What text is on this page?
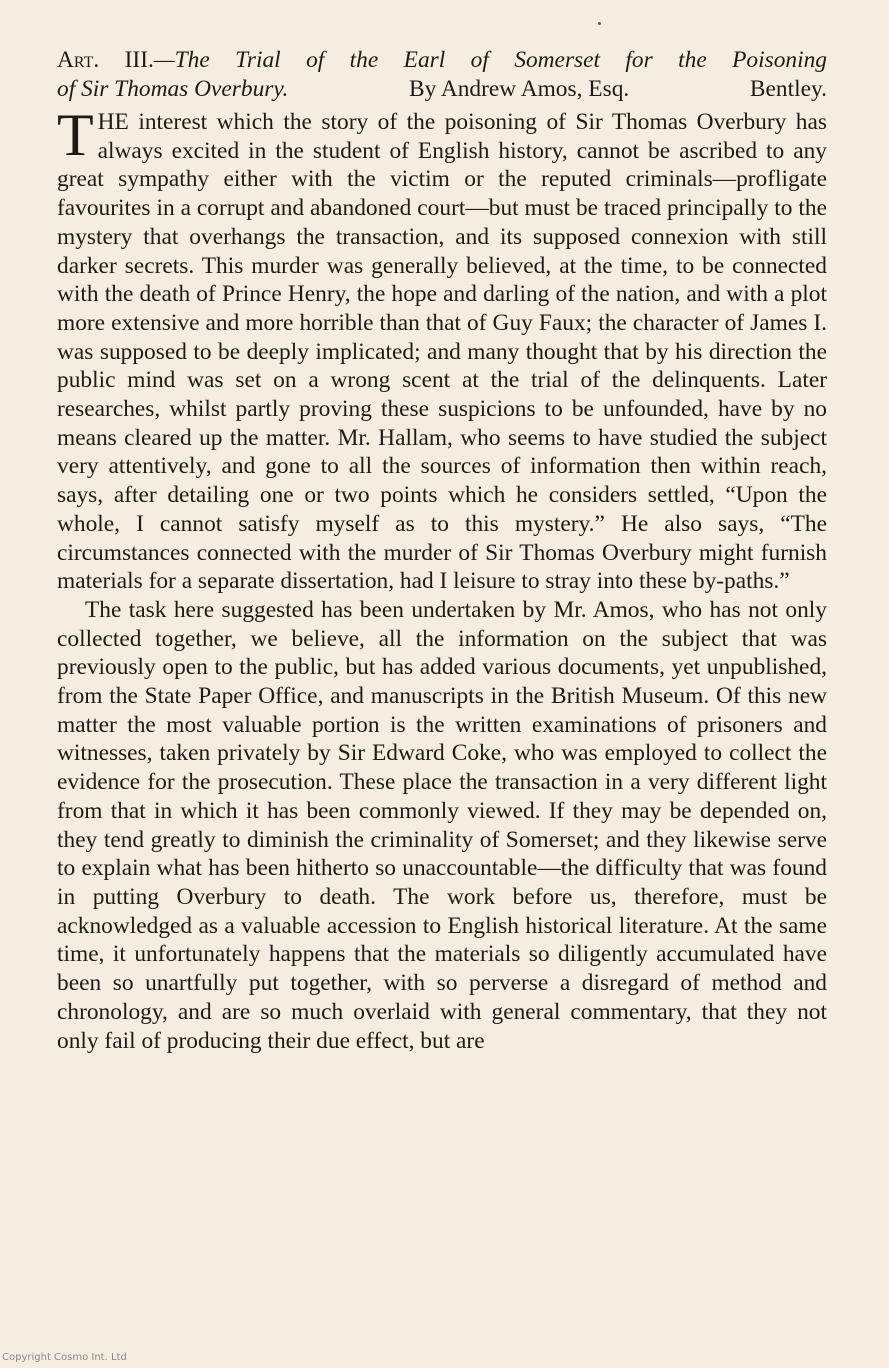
Art. III.—The Trial of the Earl of Somerset for the Poisoning

of Sir Thomas Overbury.	By Andrew Amos, Esq.	Bentley.

THE interest which the story of the poisoning of Sir Thomas Overbury has always excited in the student of English history, cannot be ascribed to any great sympathy either with the victim or the reputed criminals—profligate favourites in a corrupt and abandoned court—but must be traced principally to the mystery that overhangs the transaction, and its supposed connexion with still darker secrets. This murder was generally believed, at the time, to be connected with the death of Prince Henry, the hope and darling of the nation, and with a plot more extensive and more horrible than that of Guy Faux; the character of James I. was supposed to be deeply implicated; and many thought that by his direction the public mind was set on a wrong scent at the trial of the delinquents. Later researches, whilst partly proving these suspicions to be unfounded, have by no means cleared up the matter. Mr. Hallam, who seems to have studied the subject very attentively, and gone to all the sources of information then within reach, says, after detailing one or two points which he considers settled, “Upon the whole, I cannot satisfy myself as to this mystery.” He also says, “The circumstances connected with the murder of Sir Thomas Overbury might furnish materials for a separate dissertation, had I leisure to stray into these by-paths.”

The task here suggested has been undertaken by Mr. Amos, who has not only collected together, we believe, all the information on the subject that was previously open to the public, but has added various documents, yet unpublished, from the State Paper Office, and manuscripts in the British Museum. Of this new matter the most valuable portion is the written examinations of prisoners and witnesses, taken privately by Sir Edward Coke, who was employed to collect the evidence for the prosecution. These place the transaction in a very different light from that in which it has been commonly viewed. If they may be depended on, they tend greatly to diminish the criminality of Somerset; and they likewise serve to explain what has been hitherto so unaccountable—the difficulty that was found in putting Overbury to death. The work before us, therefore, must be acknowledged as a valuable accession to English historical literature. At the same time, it unfortunately happens that the materials so diligently accumulated have been so unartfully put together, with so perverse a disregard of method and chronology, and are so much overlaid with general commentary, that they not only fail of producing their due effect, but are

Copyright Cosmo Int. Ltd
